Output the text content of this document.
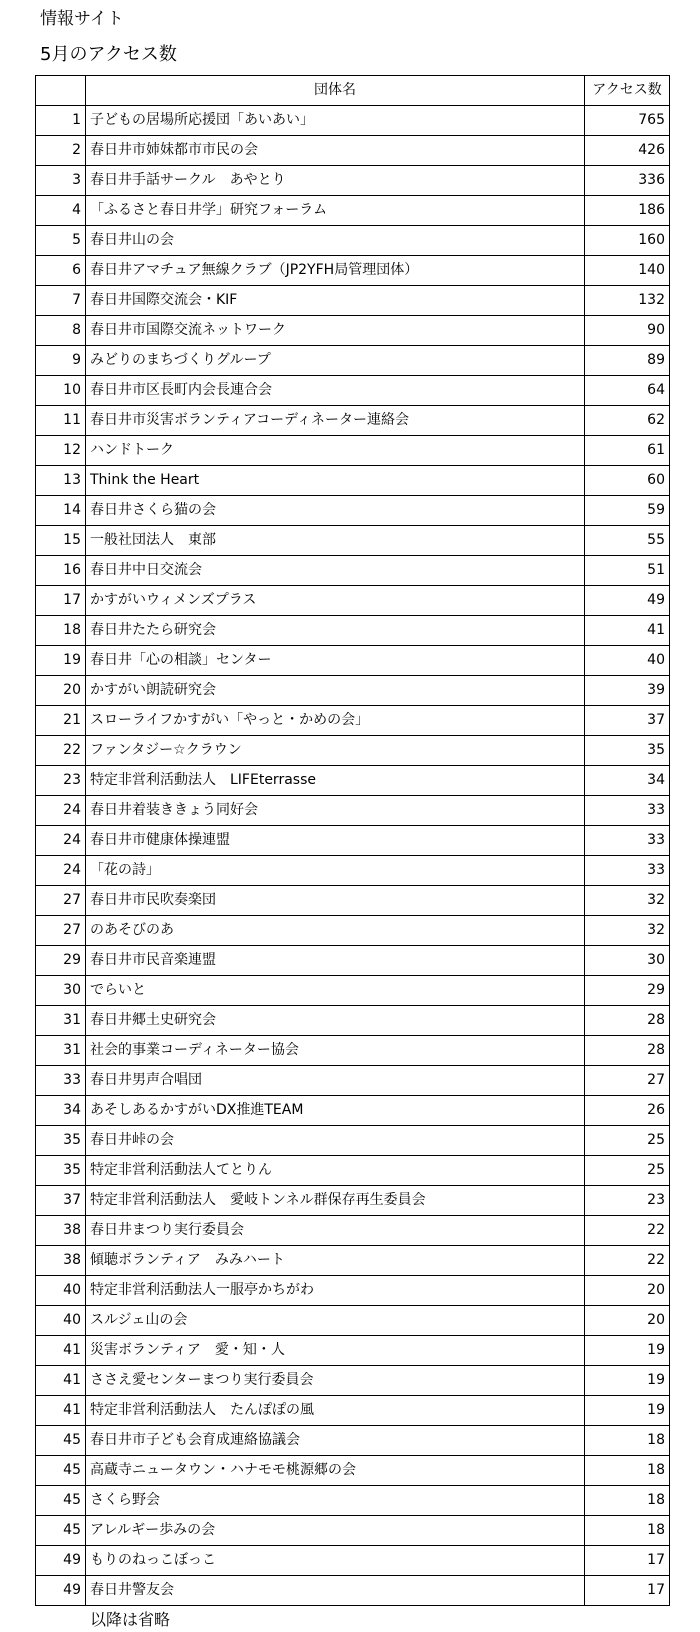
情報サイト
5月のアクセス数
	団体名	アクセス数
1	子どもの居場所応援団「あいあい」	765
2	春日井市姉妹都市市民の会	426
3	春日井手話サークル　あやとり	336
4	「ふるさと春日井学」研究フォーラム	186
5	春日井山の会	160
6	春日井アマチュア無線クラブ（JP2YFH局管理団体）	140
7	春日井国際交流会・KIF	132
8	春日井市国際交流ネットワーク	90
9	みどりのまちづくりグループ	89
10	春日井市区長町内会長連合会	64
11	春日井市災害ボランティアコーディネーター連絡会	62
12	ハンドトーク	61
13	Think the Heart	60
14	春日井さくら猫の会	59
15	一般社団法人　東部	55
16	春日井中日交流会	51
17	かすがいウィメンズプラス	49
18	春日井たたら研究会	41
19	春日井「心の相談」センター	40
20	かすがい朗読研究会	39
21	スローライフかすがい「やっと・かめの会」	37
22	ファンタジー☆クラウン	35
23	特定非営利活動法人　LIFEterrasse	34
24	春日井着装ききょう同好会	33
24	春日井市健康体操連盟	33
24	「花の詩」	33
27	春日井市民吹奏楽団	32
27	のあそびのあ	32
29	春日井市民音楽連盟	30
30	でらいと	29
31	春日井郷土史研究会	28
31	社会的事業コーディネーター協会	28
33	春日井男声合唱団	27
34	あそしあるかすがいDX推進TEAM	26
35	春日井峠の会	25
35	特定非営利活動法人てとりん	25
37	特定非営利活動法人　愛岐トンネル群保存再生委員会	23
38	春日井まつり実行委員会	22
38	傾聴ボランティア　みみハート	22
40	特定非営利活動法人一服亭かちがわ	20
40	スルジェ山の会	20
41	災害ボランティア　愛・知・人	19
41	ささえ愛センターまつり実行委員会	19
41	特定非営利活動法人　たんぽぽの風	19
45	春日井市子ども会育成連絡協議会	18
45	高蔵寺ニュータウン・ハナモモ桃源郷の会	18
45	さくら野会	18
45	アレルギー歩みの会	18
49	もりのねっこぼっこ	17
49	春日井警友会	17
以降は省略
